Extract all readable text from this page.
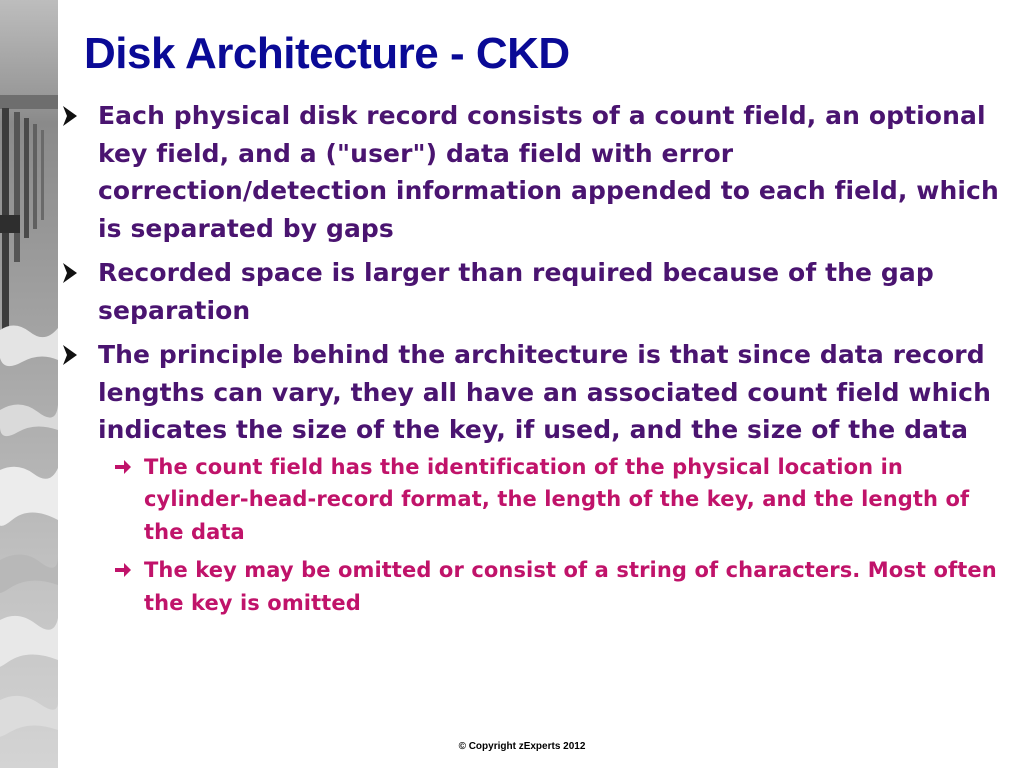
Disk Architecture - CKD
Each physical disk record consists of a count field, an optional key field, and a ("user") data field with error correction/detection information appended to each field, which is separated by gaps
Recorded space is larger than required because of the gap separation
The principle behind the architecture is that since data record lengths can vary, they all have an associated count field which indicates the size of the key, if used, and the size of the data
The count field has the identification of the physical location in cylinder-head-record format, the length of the key, and the length of the data
The key may be omitted or consist of a string of characters. Most often the key is omitted
© Copyright zExperts 2012
